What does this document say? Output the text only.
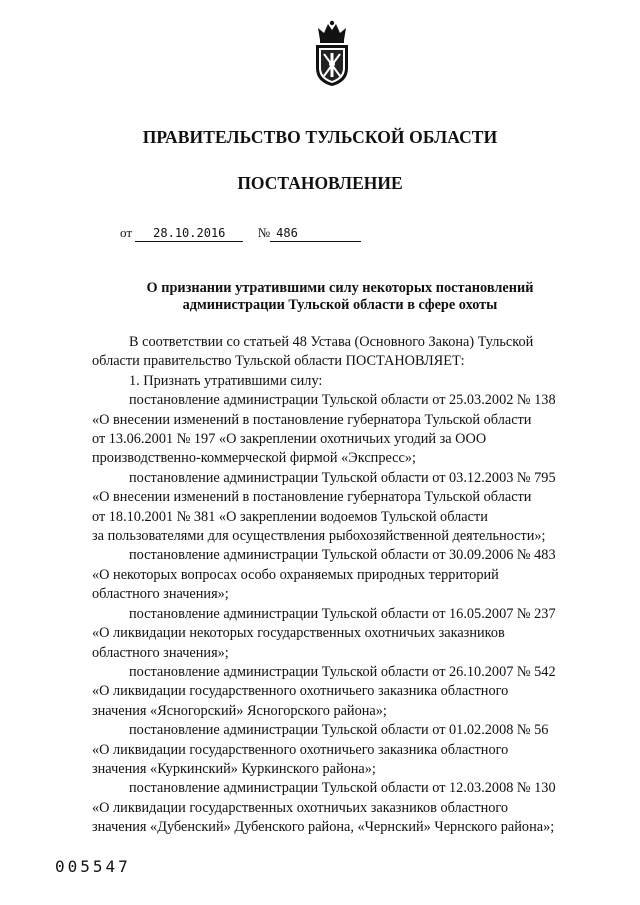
ПРАВИТЕЛЬСТВО ТУЛЬСКОЙ ОБЛАСТИ
ПОСТАНОВЛЕНИЕ
от 28.10.2016 № 486
О признании утратившими силу некоторых постановлений
администрации Тульской области в сфере охоты

В соответствии со статьей 48 Устава (Основного Закона) Тульской

области правительство Тульской области ПОСТАНОВЛЯЕТ:

1. Признать утратившими силу:

постановление администрации Тульской области от 25.03.2002 № 138

«О внесении изменений в постановление губернатора Тульской области

от 13.06.2001 № 197 «О закреплении охотничьих угодий за ООО

производственно-коммерческой фирмой «Экспресс»;

постановление администрации Тульской области от 03.12.2003 № 795

«О внесении изменений в постановление губернатора Тульской области

от 18.10.2001 № 381 «О закреплении водоемов Тульской области

за пользователями для осуществления рыбохозяйственной деятельности»;

постановление администрации Тульской области от 30.09.2006 № 483

«О некоторых вопросах особо охраняемых природных территорий

областного значения»;

постановление администрации Тульской области от 16.05.2007 № 237

«О ликвидации некоторых государственных охотничьих заказников

областного значения»;

постановление администрации Тульской области от 26.10.2007 № 542

«О ликвидации государственного охотничьего заказника областного

значения «Ясногорский» Ясногорского района»;

постановление администрации Тульской области от 01.02.2008 № 56

«О ликвидации государственного охотничьего заказника областного

значения «Куркинский» Куркинского района»;

постановление администрации Тульской области от 12.03.2008 № 130

«О ликвидации государственных охотничьих заказников областного

значения «Дубенский» Дубенского района, «Чернский» Чернского района»;

005547
